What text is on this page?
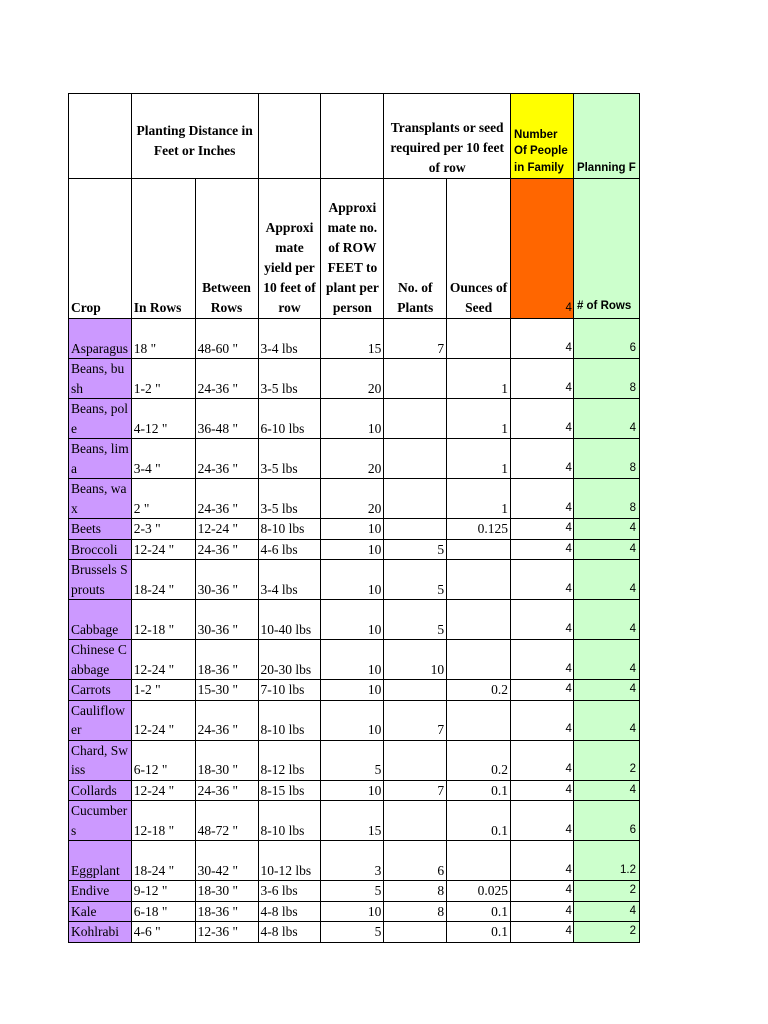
	Planting Distance in Feet or Inches				Transplants or seed required per 10 feet of row		Number Of People in Family	Planning F
Crop	In Rows	Between Rows	Approxi mate yield per 10 feet of row	Approxi mate no. of ROW FEET to plant per person	No. of Plants	Ounces of Seed	4	# of Rows
Asparagus	18 "	48-60 "	3-4 lbs	15	7		4	6
Beans, bush	1-2 "	24-36 "	3-5 lbs	20		1	4	8
Beans, pole	4-12 "	36-48 "	6-10 lbs	10		1	4	4
Beans, lima	3-4 "	24-36 "	3-5 lbs	20		1	4	8
Beans, wax	2 "	24-36 "	3-5 lbs	20		1	4	8
Beets	2-3 "	12-24 "	8-10 lbs	10		0.125	4	4
Broccoli	12-24 "	24-36 "	4-6 lbs	10	5		4	4
Brussels Sprouts	18-24 "	30-36 "	3-4 lbs	10	5		4	4
Cabbage	12-18 "	30-36 "	10-40 lbs	10	5		4	4
Chinese Cabbage	12-24 "	18-36 "	20-30 lbs	10	10		4	4
Carrots	1-2 "	15-30 "	7-10 lbs	10		0.2	4	4
Cauliflower	12-24 "	24-36 "	8-10 lbs	10	7		4	4
Chard, Swiss	6-12 "	18-30 "	8-12 lbs	5		0.2	4	2
Collards	12-24 "	24-36 "	8-15 lbs	10	7	0.1	4	4
Cucumbers	12-18 "	48-72 "	8-10 lbs	15		0.1	4	6
Eggplant	18-24 "	30-42 "	10-12 lbs	3	6		4	1.2
Endive	9-12 "	18-30 "	3-6 lbs	5	8	0.025	4	2
Kale	6-18 "	18-36 "	4-8 lbs	10	8	0.1	4	4
Kohlrabi	4-6 "	12-36 "	4-8 lbs	5		0.1	4	2
